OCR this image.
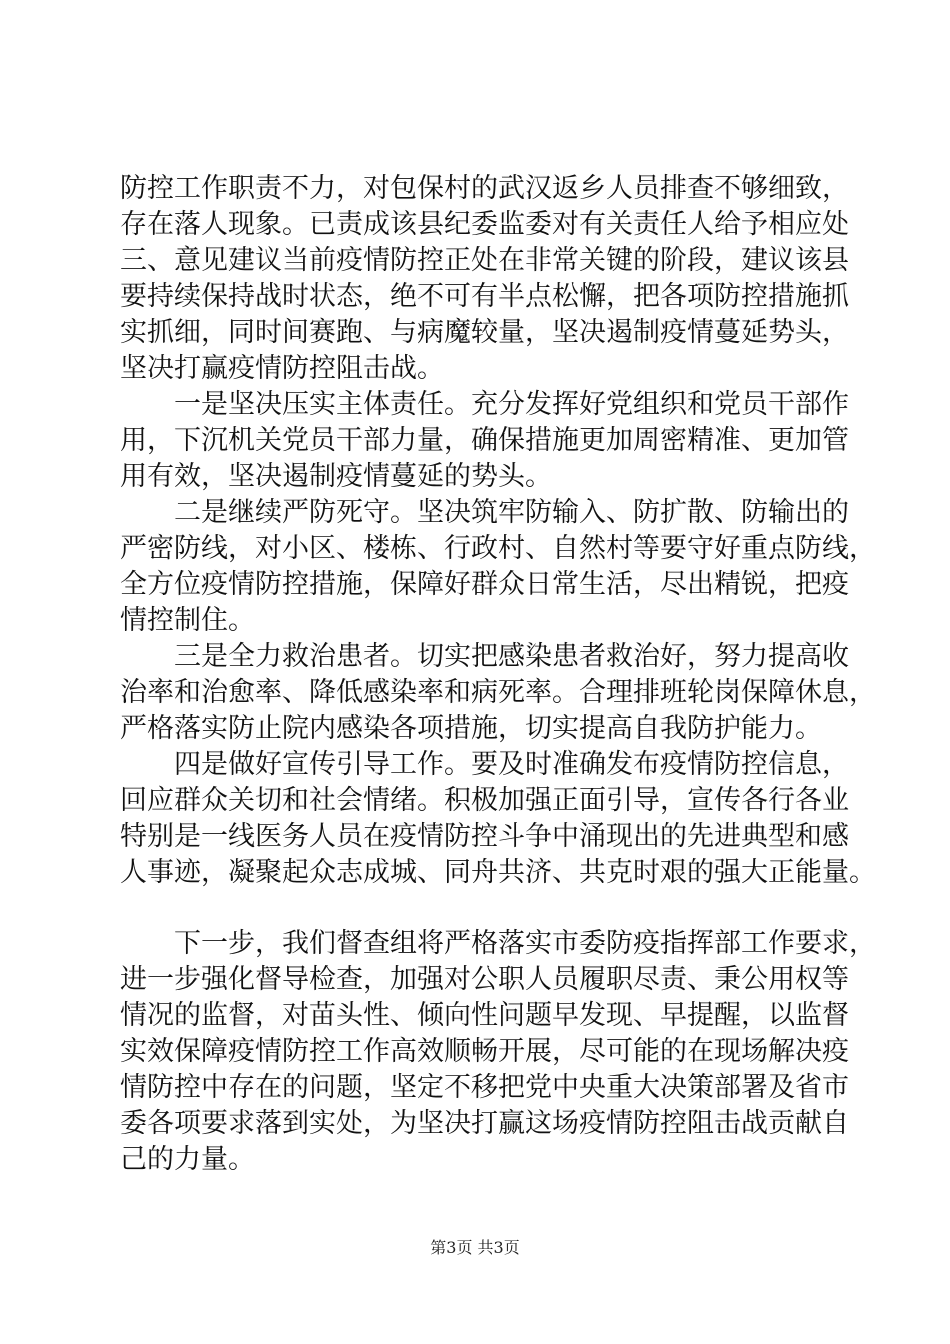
防控工作职责不力，对包保村的武汉返乡人员排查不够细致，
存在落人现象。已责成该县纪委监委对有关责任人给予相应处
三、意见建议当前疫情防控正处在非常关键的阶段，建议该县
要持续保持战时状态，绝不可有半点松懈，把各项防控措施抓
实抓细，同时间赛跑、与病魔较量，坚决遏制疫情蔓延势头，
坚决打赢疫情防控阻击战。
一是坚决压实主体责任。充分发挥好党组织和党员干部作
用，下沉机关党员干部力量，确保措施更加周密精准、更加管
用有效，坚决遏制疫情蔓延的势头。
二是继续严防死守。坚决筑牢防输入、防扩散、防输出的
严密防线，对小区、楼栋、行政村、自然村等要守好重点防线，
全方位疫情防控措施，保障好群众日常生活，尽出精锐，把疫
情控制住。
三是全力救治患者。切实把感染患者救治好，努力提高收
治率和治愈率、降低感染率和病死率。合理排班轮岗保障休息，
严格落实防止院内感染各项措施，切实提高自我防护能力。
四是做好宣传引导工作。要及时准确发布疫情防控信息，
回应群众关切和社会情绪。积极加强正面引导，宣传各行各业
特别是一线医务人员在疫情防控斗争中涌现出的先进典型和感
人事迹，凝聚起众志成城、同舟共济、共克时艰的强大正能量。
下一步，我们督查组将严格落实市委防疫指挥部工作要求，
进一步强化督导检查，加强对公职人员履职尽责、秉公用权等
情况的监督，对苗头性、倾向性问题早发现、早提醒，以监督
实效保障疫情防控工作高效顺畅开展，尽可能的在现场解决疫
情防控中存在的问题，坚定不移把党中央重大决策部署及省市
委各项要求落到实处，为坚决打赢这场疫情防控阻击战贡献自
己的力量。
第3页 共3页
